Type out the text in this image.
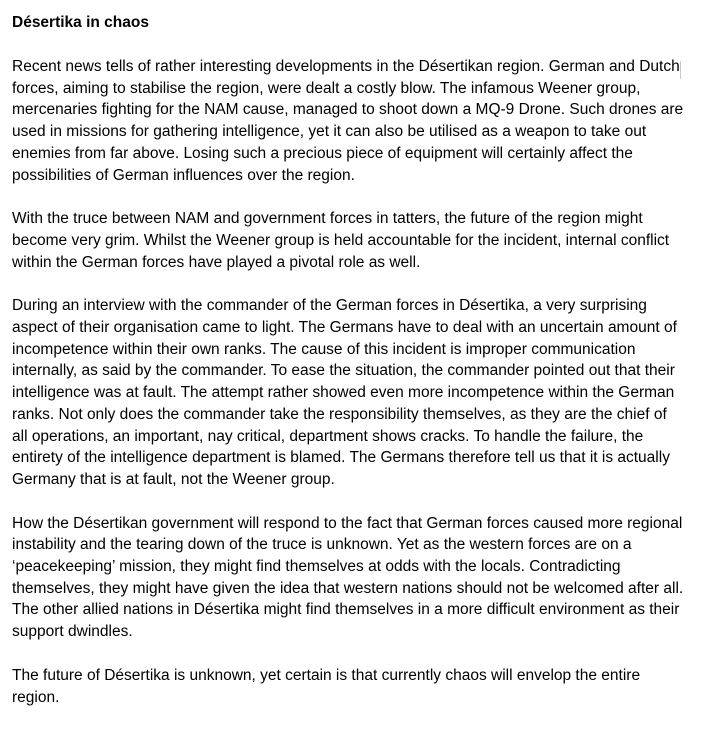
Désertika in chaos

Recent news tells of rather interesting developments in the Désertikan region. German and Dutch forces, aiming to stabilise the region, were dealt a costly blow. The infamous Weener group, mercenaries fighting for the NAM cause, managed to shoot down a MQ-9 Drone. Such drones are used in missions for gathering intelligence, yet it can also be utilised as a weapon to take out enemies from far above. Losing such a precious piece of equipment will certainly affect the possibilities of German influences over the region.

With the truce between NAM and government forces in tatters, the future of the region might become very grim. Whilst the Weener group is held accountable for the incident, internal conflict within the German forces have played a pivotal role as well.

During an interview with the commander of the German forces in Désertika, a very surprising aspect of their organisation came to light. The Germans have to deal with an uncertain amount of incompetence within their own ranks. The cause of this incident is improper communication internally, as said by the commander. To ease the situation, the commander pointed out that their intelligence was at fault. The attempt rather showed even more incompetence within the German ranks. Not only does the commander take the responsibility themselves, as they are the chief of all operations, an important, nay critical, department shows cracks. To handle the failure, the entirety of the intelligence department is blamed. The Germans therefore tell us that it is actually Germany that is at fault, not the Weener group.

How the Désertikan government will respond to the fact that German forces caused more regional instability and the tearing down of the truce is unknown. Yet as the western forces are on a ‘peacekeeping’ mission, they might find themselves at odds with the locals. Contradicting themselves, they might have given the idea that western nations should not be welcomed after all. The other allied nations in Désertika might find themselves in a more difficult environment as their support dwindles.

The future of Désertika is unknown, yet certain is that currently chaos will envelop the entire region.
